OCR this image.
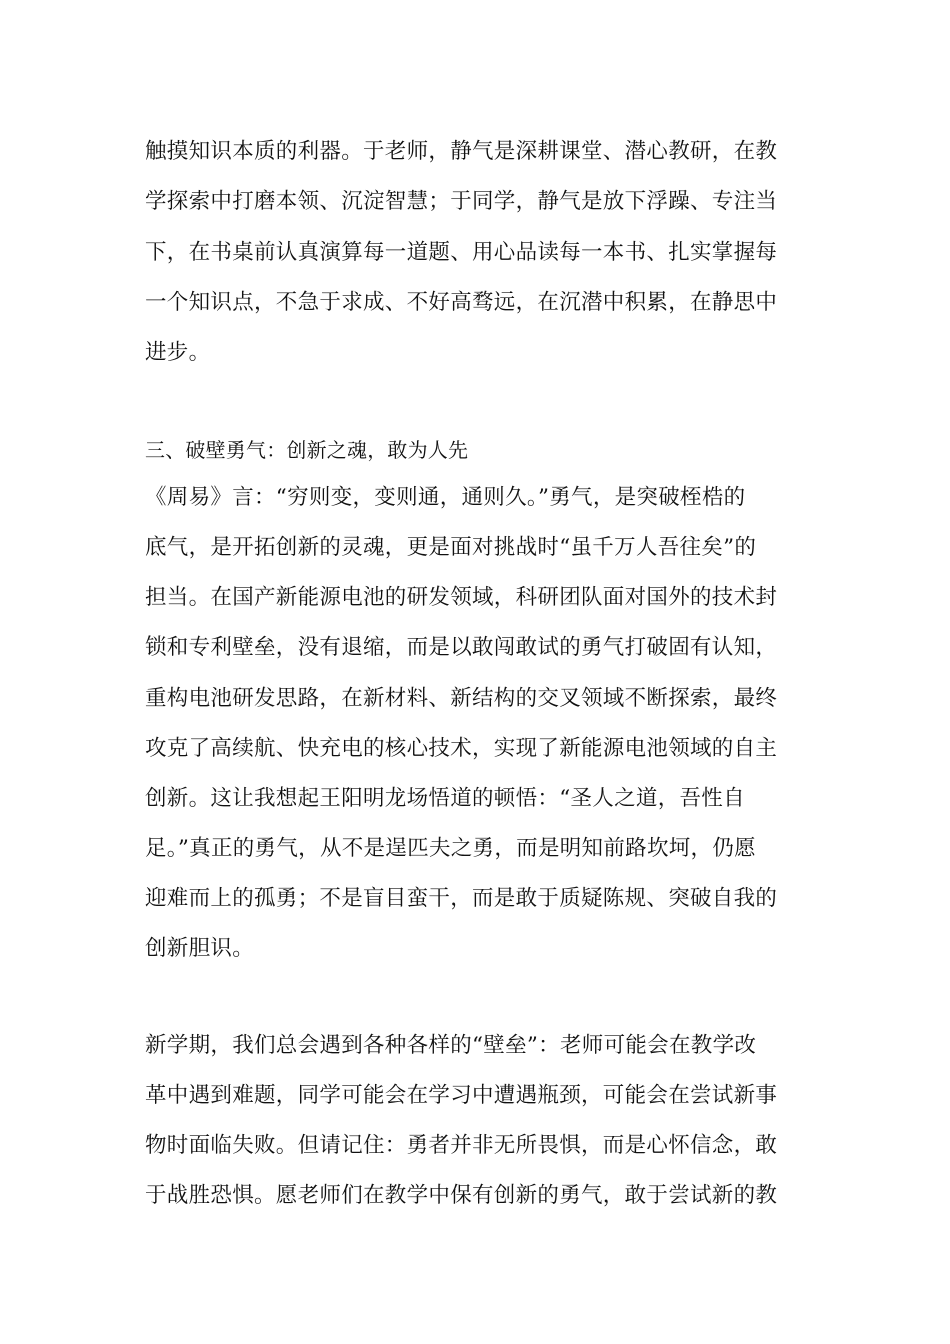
触摸知识本质的利器。于老师，静气是深耕课堂、潜心教研，在教
学探索中打磨本领、沉淀智慧；于同学，静气是放下浮躁、专注当
下，在书桌前认真演算每一道题、用心品读每一本书、扎实掌握每
一个知识点，不急于求成、不好高骛远，在沉潜中积累，在静思中
进步。
三、破壁勇气：创新之魂，敢为人先
《周易》言：“穷则变，变则通，通则久。”勇气，是突破桎梏的
底气，是开拓创新的灵魂，更是面对挑战时“虽千万人吾往矣”的
担当。在国产新能源电池的研发领域，科研团队面对国外的技术封
锁和专利壁垒，没有退缩，而是以敢闯敢试的勇气打破固有认知，
重构电池研发思路，在新材料、新结构的交叉领域不断探索，最终
攻克了高续航、快充电的核心技术，实现了新能源电池领域的自主
创新。这让我想起王阳明龙场悟道的顿悟：“圣人之道，吾性自
足。”真正的勇气，从不是逞匹夫之勇，而是明知前路坎坷，仍愿
迎难而上的孤勇；不是盲目蛮干，而是敢于质疑陈规、突破自我的
创新胆识。
新学期，我们总会遇到各种各样的“壁垒”：老师可能会在教学改
革中遇到难题，同学可能会在学习中遭遇瓶颈，可能会在尝试新事
物时面临失败。但请记住：勇者并非无所畏惧，而是心怀信念，敢
于战胜恐惧。愿老师们在教学中保有创新的勇气，敢于尝试新的教
